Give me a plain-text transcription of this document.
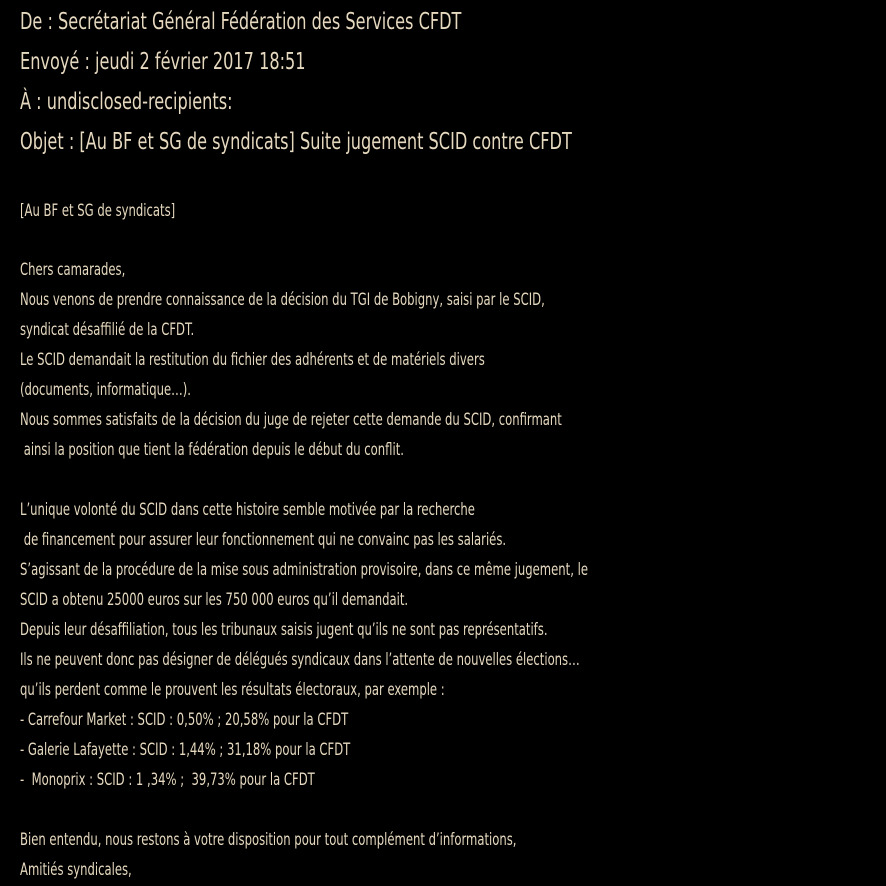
De : Secrétariat Général Fédération des Services CFDT
Envoyé : jeudi 2 février 2017 18:51
À : undisclosed-recipients:
Objet : [Au BF et SG de syndicats] Suite jugement SCID contre CFDT
[Au BF et SG de syndicats]
Chers camarades,
Nous venons de prendre connaissance de la décision du TGI de Bobigny, saisi par le SCID,
syndicat désaffilié de la CFDT.
Le SCID demandait la restitution du fichier des adhérents et de matériels divers
(documents, informatique…).
Nous sommes satisfaits de la décision du juge de rejeter cette demande du SCID, confirmant
ainsi la position que tient la fédération depuis le début du conflit.
L’unique volonté du SCID dans cette histoire semble motivée par la recherche
de financement pour assurer leur fonctionnement qui ne convainc pas les salariés.
S’agissant de la procédure de la mise sous administration provisoire, dans ce même jugement, le
SCID a obtenu 25000 euros sur les 750 000 euros qu’il demandait.
Depuis leur désaffiliation, tous les tribunaux saisis jugent qu’ils ne sont pas représentatifs.
Ils ne peuvent donc pas désigner de délégués syndicaux dans l’attente de nouvelles élections…
qu’ils perdent comme le prouvent les résultats électoraux, par exemple :
- Carrefour Market : SCID : 0,50% ; 20,58% pour la CFDT
- Galerie Lafayette : SCID : 1,44% ; 31,18% pour la CFDT
-  Monoprix : SCID : 1 ,34% ;  39,73% pour la CFDT
Bien entendu, nous restons à votre disposition pour tout complément d’informations,
Amitiés syndicales,
